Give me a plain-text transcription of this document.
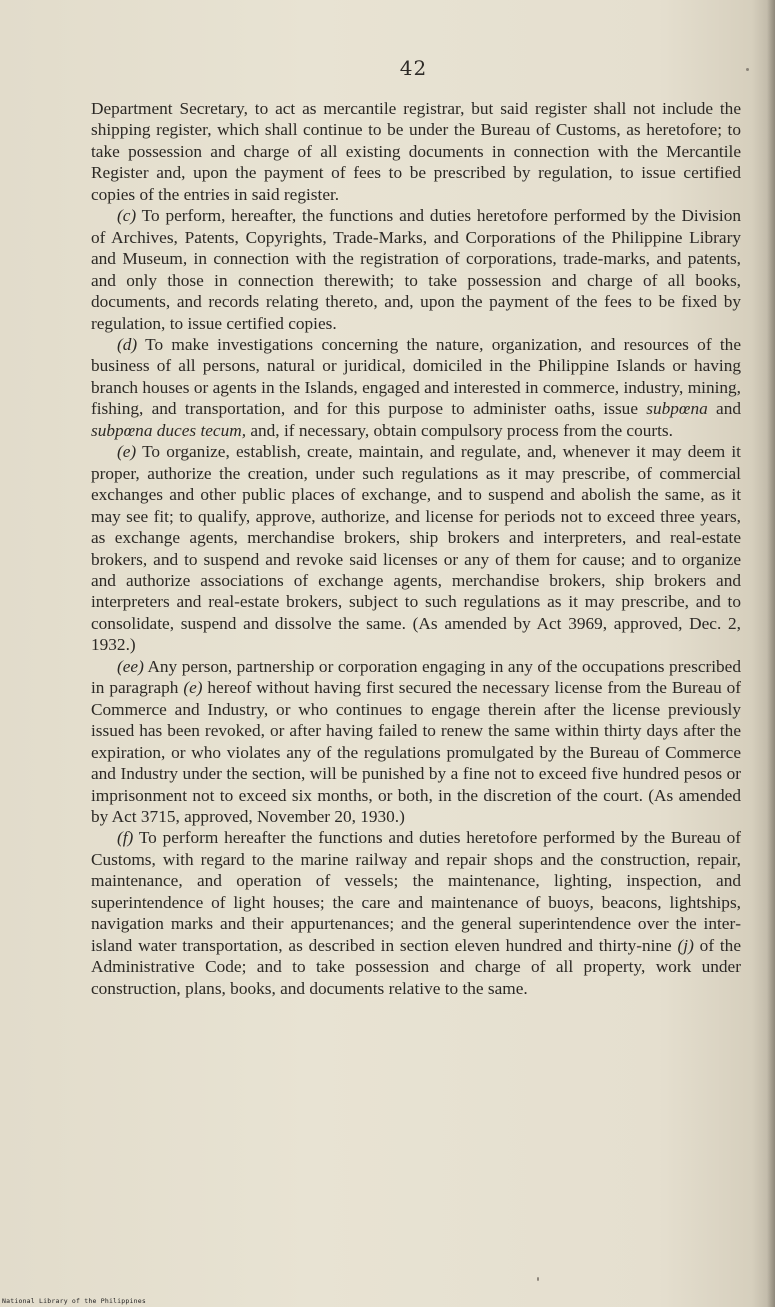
42

Department Secretary, to act as mercantile registrar, but said register shall not include the shipping register, which shall continue to be under the Bureau of Customs, as heretofore; to take possession and charge of all existing documents in connection with the Mercantile Register and, upon the payment of fees to be prescribed by regulation, to issue certified copies of the entries in said register.

(c) To perform, hereafter, the functions and duties heretofore performed by the Division of Archives, Patents, Copyrights, Trade-Marks, and Corporations of the Philippine Library and Museum, in connection with the registration of corporations, trade-marks, and patents, and only those in connection therewith; to take possession and charge of all books, documents, and records relating thereto, and, upon the payment of the fees to be fixed by regulation, to issue certified copies.

(d) To make investigations concerning the nature, organization, and resources of the business of all persons, natural or juridical, domiciled in the Philippine Islands or having branch houses or agents in the Islands, engaged and interested in commerce, industry, mining, fishing, and transportation, and for this purpose to administer oaths, issue subpœna and subpœna duces tecum, and, if necessary, obtain compulsory process from the courts.

(e) To organize, establish, create, maintain, and regulate, and, whenever it may deem it proper, authorize the creation, under such regulations as it may prescribe, of commercial exchanges and other public places of exchange, and to suspend and abolish the same, as it may see fit; to qualify, approve, authorize, and license for periods not to exceed three years, as exchange agents, merchandise brokers, ship brokers and interpreters, and real-estate brokers, and to suspend and revoke said licenses or any of them for cause; and to organize and authorize associations of exchange agents, merchandise brokers, ship brokers and interpreters and real-estate brokers, subject to such regulations as it may prescribe, and to consolidate, suspend and dissolve the same. (As amended by Act 3969, approved, Dec. 2, 1932.)

(ee) Any person, partnership or corporation engaging in any of the occupations prescribed in paragraph (e) hereof without having first secured the necessary license from the Bureau of Commerce and Industry, or who continues to engage therein after the license previously issued has been revoked, or after having failed to renew the same within thirty days after the expiration, or who violates any of the regulations promulgated by the Bureau of Commerce and Industry under the section, will be punished by a fine not to exceed five hundred pesos or imprisonment not to exceed six months, or both, in the discretion of the court. (As amended by Act 3715, approved, November 20, 1930.)

(f) To perform hereafter the functions and duties heretofore performed by the Bureau of Customs, with regard to the marine railway and repair shops and the construction, repair, maintenance, and operation of vessels; the maintenance, lighting, inspection, and superintendence of light houses; the care and maintenance of buoys, beacons, lightships, navigation marks and their appurtenances; and the general superintendence over the interisland water transportation, as described in section eleven hundred and thirty-nine (j) of the Administrative Code; and to take possession and charge of all property, work under construction, plans, books, and documents relative to the same.

National Library of the Philippines
